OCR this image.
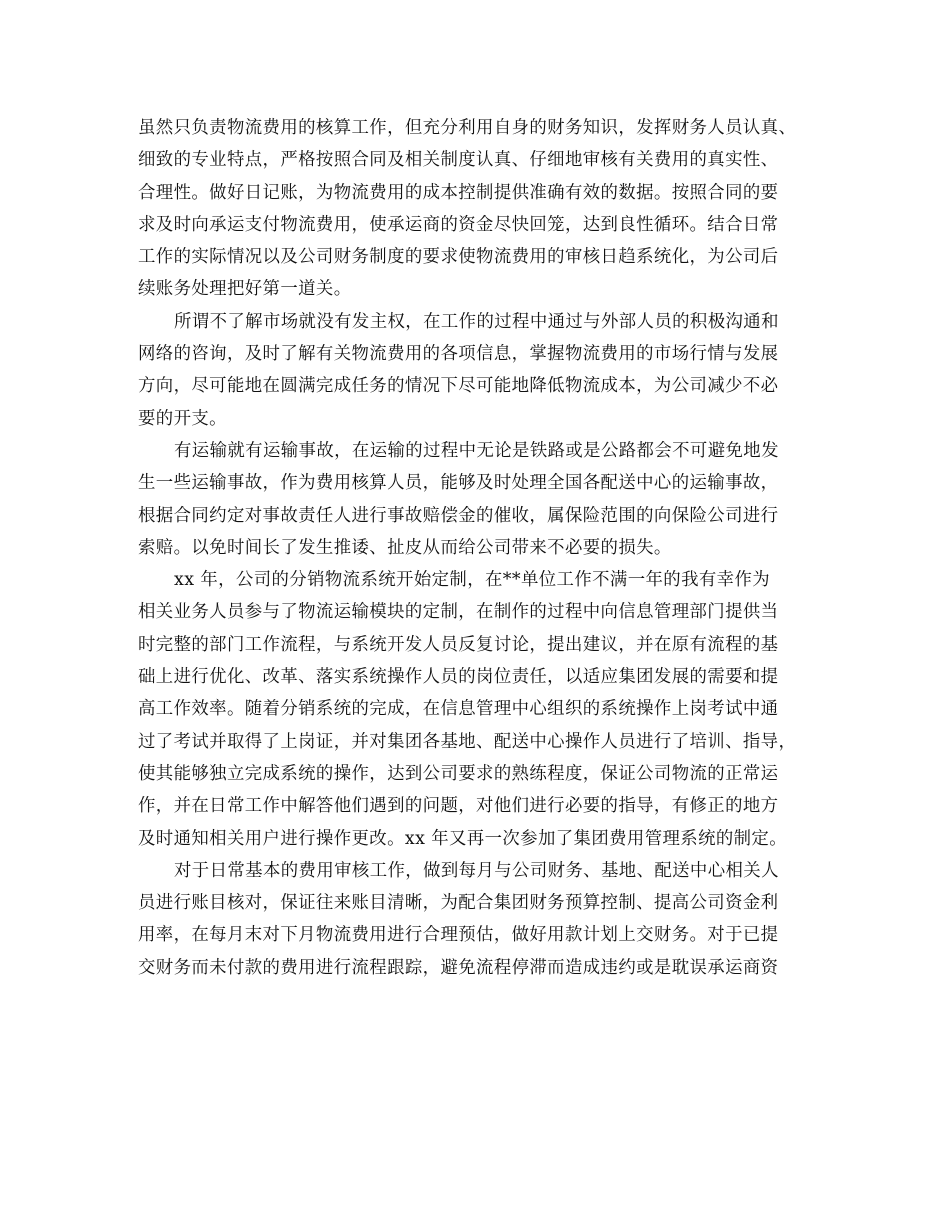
虽然只负责物流费用的核算工作，但充分利用自身的财务知识，发挥财务人员认真、
细致的专业特点，严格按照合同及相关制度认真、仔细地审核有关费用的真实性、
合理性。做好日记账，为物流费用的成本控制提供准确有效的数据。按照合同的要
求及时向承运支付物流费用，使承运商的资金尽快回笼，达到良性循环。结合日常
工作的实际情况以及公司财务制度的要求使物流费用的审核日趋系统化，为公司后
续账务处理把好第一道关。
所谓不了解市场就没有发主权，在工作的过程中通过与外部人员的积极沟通和
网络的咨询，及时了解有关物流费用的各项信息，掌握物流费用的市场行情与发展
方向，尽可能地在圆满完成任务的情况下尽可能地降低物流成本，为公司减少不必
要的开支。
有运输就有运输事故，在运输的过程中无论是铁路或是公路都会不可避免地发
生一些运输事故，作为费用核算人员，能够及时处理全国各配送中心的运输事故，
根据合同约定对事故责任人进行事故赔偿金的催收，属保险范围的向保险公司进行
索赔。以免时间长了发生推诿、扯皮从而给公司带来不必要的损失。
xx 年，公司的分销物流系统开始定制，在**单位工作不满一年的我有幸作为
相关业务人员参与了物流运输模块的定制，在制作的过程中向信息管理部门提供当
时完整的部门工作流程，与系统开发人员反复讨论，提出建议，并在原有流程的基
础上进行优化、改革、落实系统操作人员的岗位责任，以适应集团发展的需要和提
高工作效率。随着分销系统的完成，在信息管理中心组织的系统操作上岗考试中通
过了考试并取得了上岗证，并对集团各基地、配送中心操作人员进行了培训、指导，
使其能够独立完成系统的操作，达到公司要求的熟练程度，保证公司物流的正常运
作，并在日常工作中解答他们遇到的问题，对他们进行必要的指导，有修正的地方
及时通知相关用户进行操作更改。xx 年又再一次参加了集团费用管理系统的制定。
对于日常基本的费用审核工作，做到每月与公司财务、基地、配送中心相关人
员进行账目核对，保证往来账目清晰，为配合集团财务预算控制、提高公司资金利
用率，在每月末对下月物流费用进行合理预估，做好用款计划上交财务。对于已提
交财务而未付款的费用进行流程跟踪，避免流程停滞而造成违约或是耽误承运商资
